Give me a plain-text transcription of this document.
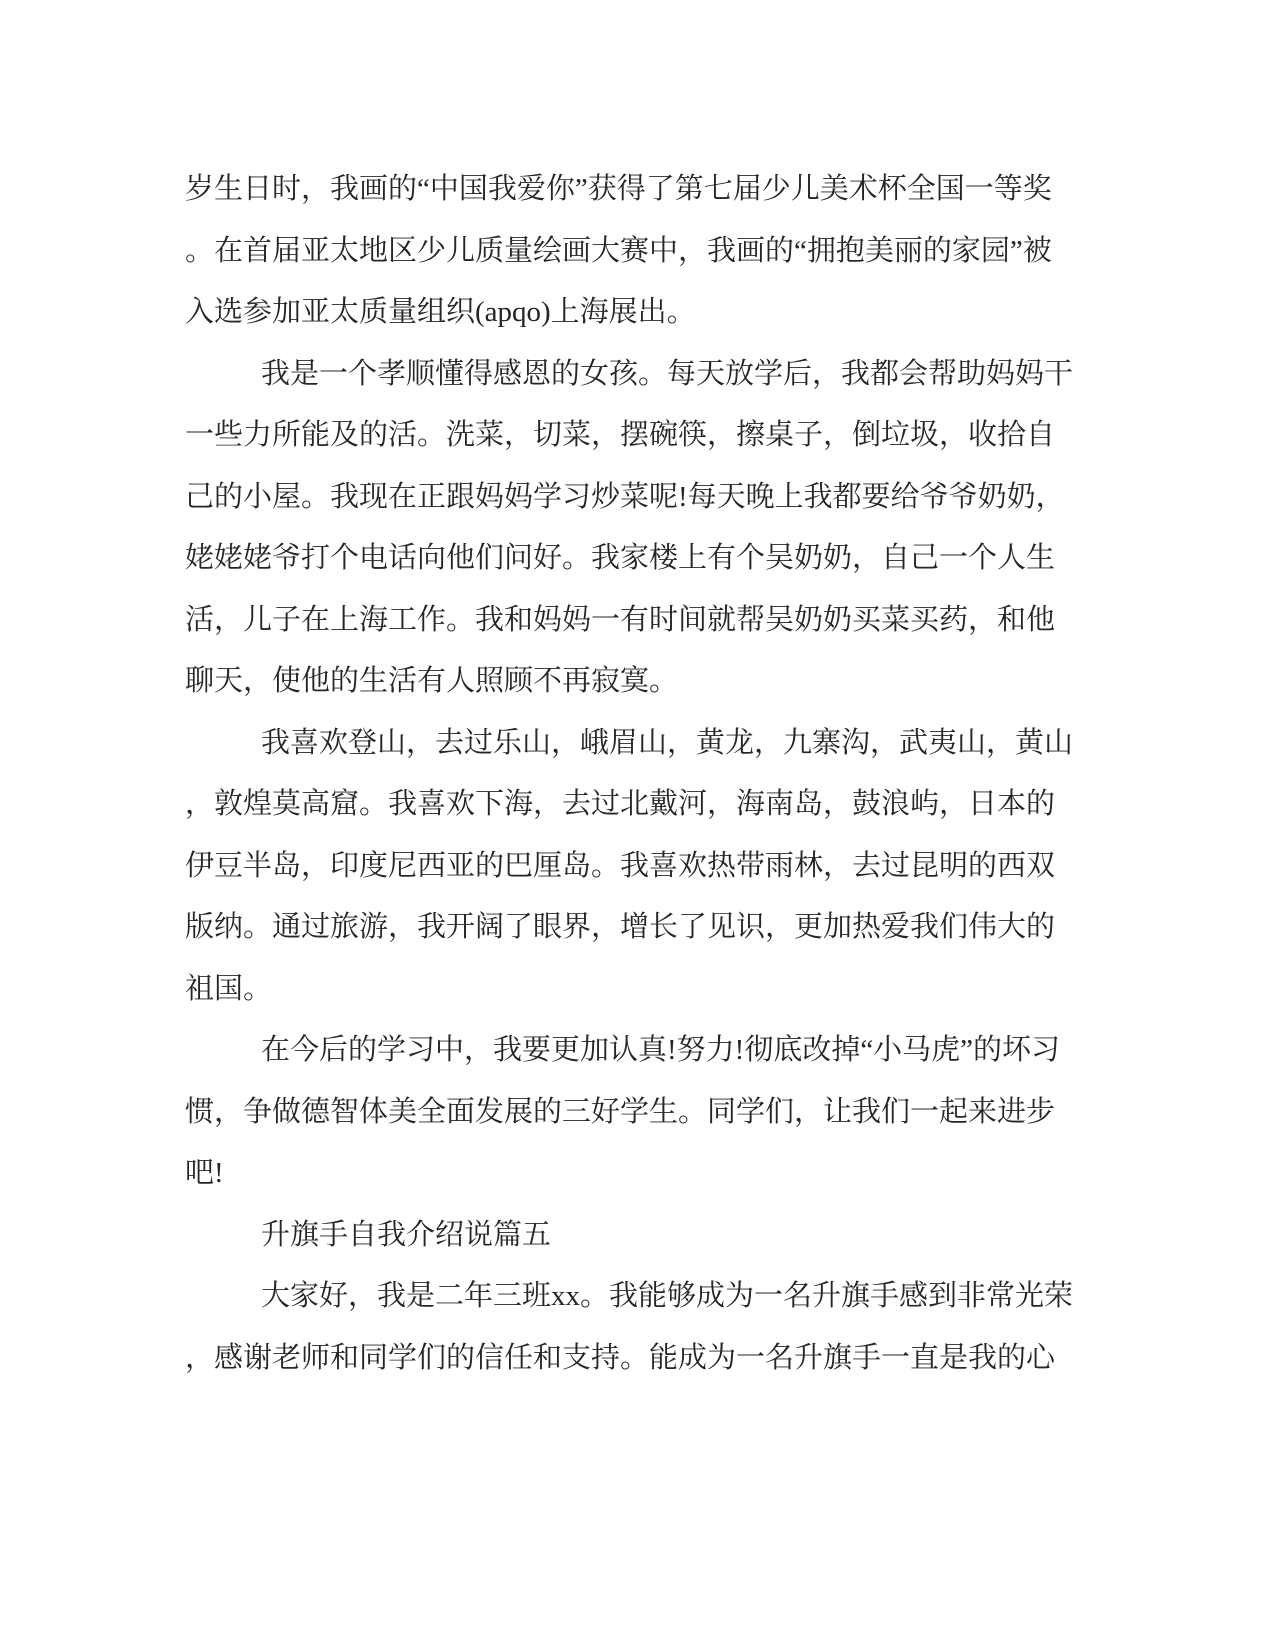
岁生日时，我画的“中国我爱你”获得了第七届少儿美术杯全国一等奖
。在首届亚太地区少儿质量绘画大赛中，我画的“拥抱美丽的家园”被
入选参加亚太质量组织(apqo)上海展出。
我是一个孝顺懂得感恩的女孩。每天放学后，我都会帮助妈妈干
一些力所能及的活。洗菜，切菜，摆碗筷，擦桌子，倒垃圾，收拾自
己的小屋。我现在正跟妈妈学习炒菜呢!每天晚上我都要给爷爷奶奶，
姥姥姥爷打个电话向他们问好。我家楼上有个吴奶奶，自己一个人生
活，儿子在上海工作。我和妈妈一有时间就帮吴奶奶买菜买药，和他
聊天，使他的生活有人照顾不再寂寞。
我喜欢登山，去过乐山，峨眉山，黄龙，九寨沟，武夷山，黄山
，敦煌莫高窟。我喜欢下海，去过北戴河，海南岛，鼓浪屿，日本的
伊豆半岛，印度尼西亚的巴厘岛。我喜欢热带雨林，去过昆明的西双
版纳。通过旅游，我开阔了眼界，增长了见识，更加热爱我们伟大的
祖国。
在今后的学习中，我要更加认真!努力!彻底改掉“小马虎”的坏习
惯，争做德智体美全面发展的三好学生。同学们，让我们一起来进步
吧!
升旗手自我介绍说篇五
大家好，我是二年三班xx。我能够成为一名升旗手感到非常光荣
，感谢老师和同学们的信任和支持。能成为一名升旗手一直是我的心
